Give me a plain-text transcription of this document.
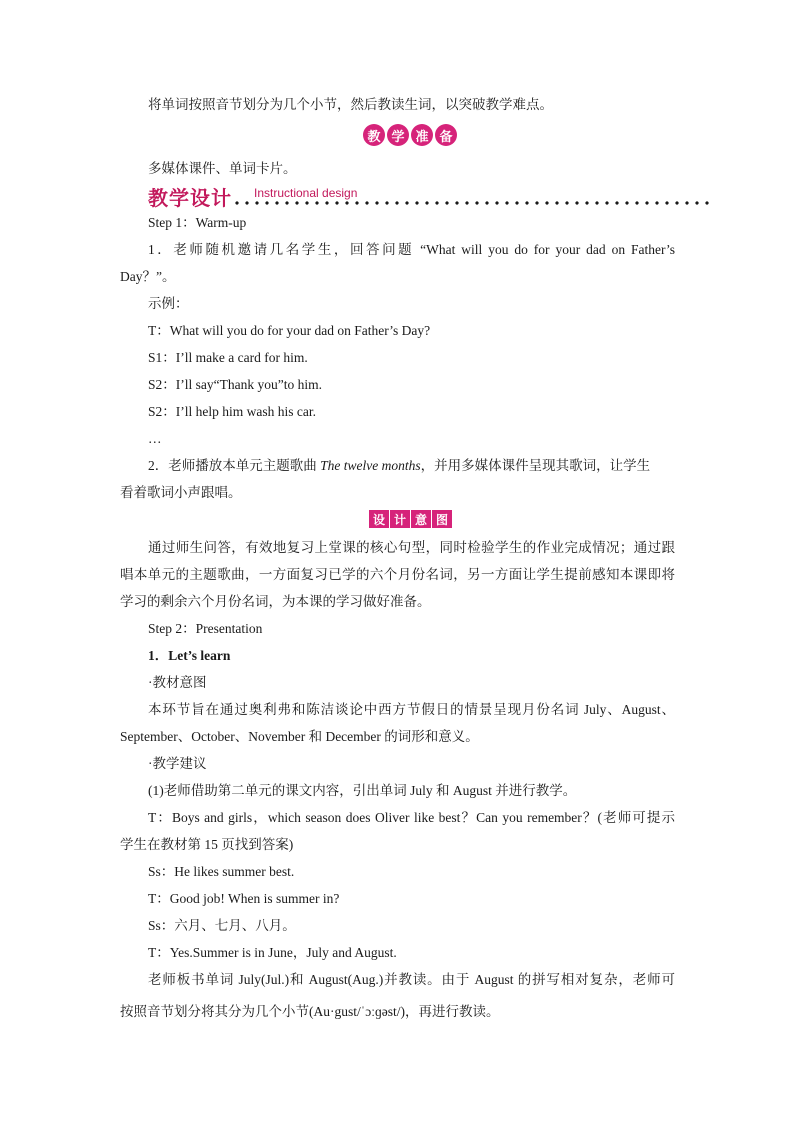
将单词按照音节划分为几个小节，然后教读生词，以突破教学难点。
教 学 准 备
多媒体课件、单词卡片。
教学设计 Instructional design
Step 1：Warm-up
1．老师随机邀请几名学生，回答问题 “What will you do for your dad on Father’s
Day？”。
示例：
T：What will you do for your dad on Father’s Day?
S1：I’ll make a card for him.
S2：I’ll say“Thank you”to him.
S2：I’ll help him wash his car.
…
2．老师播放本单元主题歌曲 The twelve months，并用多媒体课件呈现其歌词，让学生
看着歌词小声跟唱。
设 计 意 图
通过师生问答，有效地复习上堂课的核心句型，同时检验学生的作业完成情况；通过跟
唱本单元的主题歌曲，一方面复习已学的六个月份名词，另一方面让学生提前感知本课即将
学习的剩余六个月份名词，为本课的学习做好准备。
Step 2：Presentation
1．Let’s learn
·教材意图
本环节旨在通过奥利弗和陈洁谈论中西方节假日的情景呈现月份名词 July、August、
September、October、November 和 December 的词形和意义。
·教学建议
(1)老师借助第二单元的课文内容，引出单词 July 和 August 并进行教学。
T：Boys and girls，which season does Oliver like best？Can you remember？(老师可提示
学生在教材第 15 页找到答案)
Ss：He likes summer best.
T：Good job! When is summer in?
Ss：六月、七月、八月。
T：Yes.Summer is in June，July and August.
老师板书单词 July(Jul.)和 August(Aug.)并教读。由于 August 的拼写相对复杂，老师可
按照音节划分将其分为几个小节(Au·gust/ˈɔːɡəst/)，再进行教读。
